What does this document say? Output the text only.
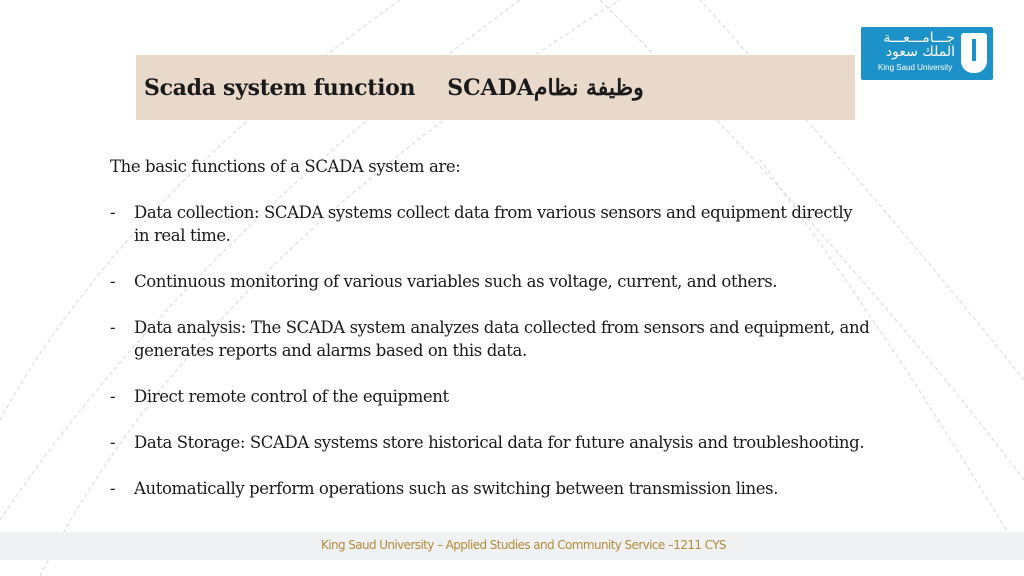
Scada system function وظيفة نظامSCADA
جـــامـــعـــة
الملك سعود
King Saud University

The basic functions of a SCADA system are:

-	Data collection: SCADA systems collect data from various sensors and equipment directly in real time.
-	Continuous monitoring of various variables such as voltage, current, and others.
-	Data analysis: The SCADA system analyzes data collected from sensors and equipment, and generates reports and alarms based on this data.
-	Direct remote control of the equipment
-	Data Storage: SCADA systems store historical data for future analysis and troubleshooting.
-	Automatically perform operations such as switching between transmission lines.
King Saud University – Applied Studies and Community Service –1211 CYS
